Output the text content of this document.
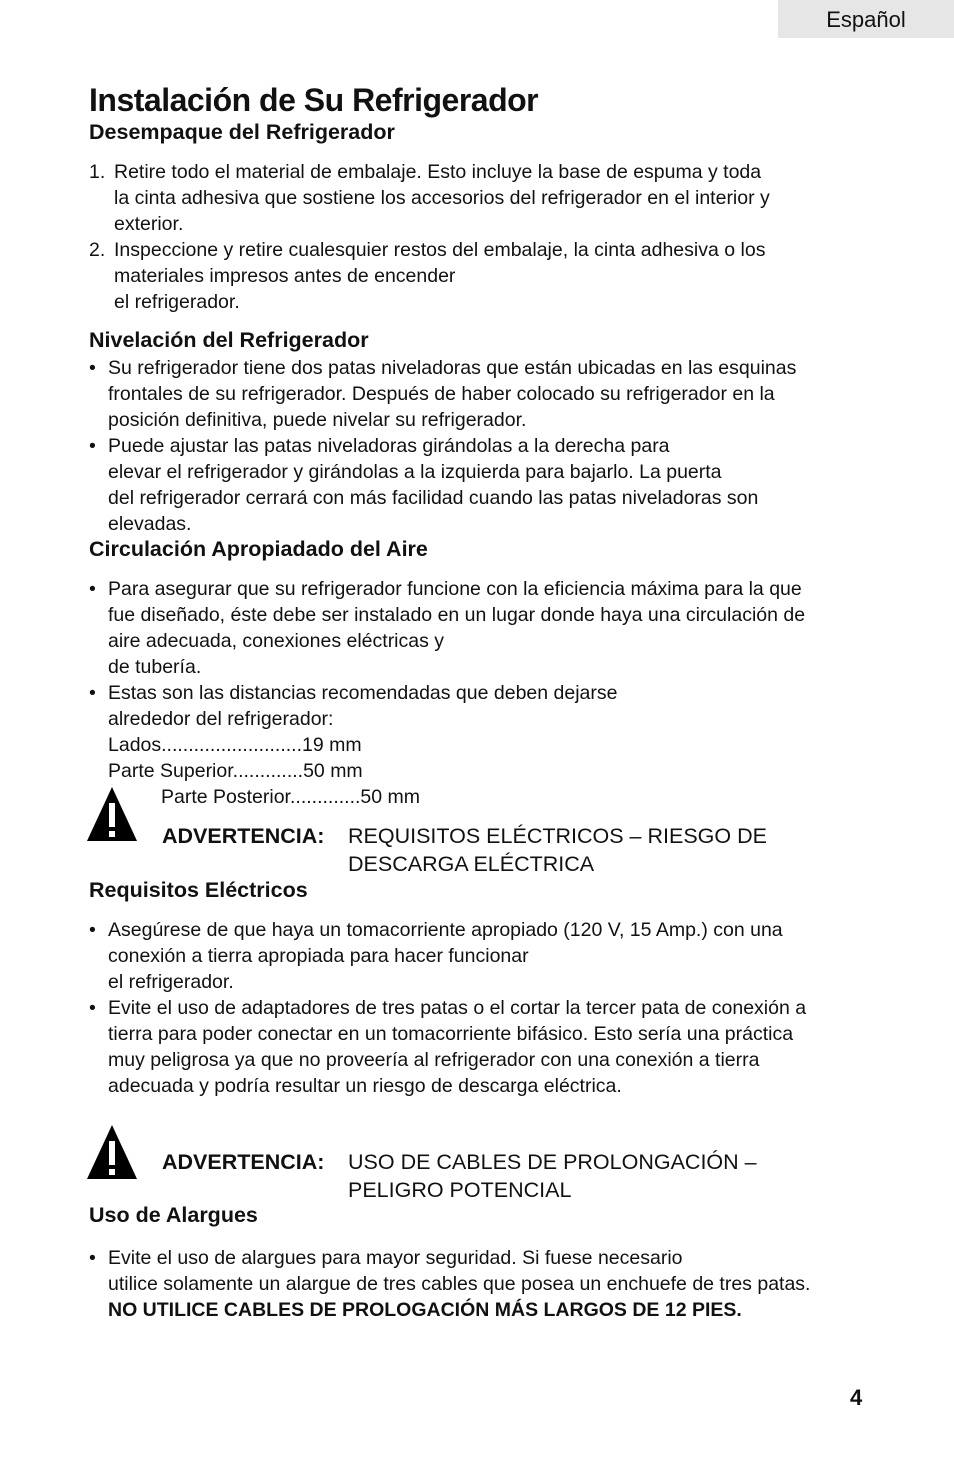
Español
Instalación de Su Refrigerador
Desempaque del Refrigerador
1. Retire todo el material de embalaje. Esto incluye la base de espuma y toda
la cinta adhesiva que sostiene los accesorios del refrigerador en el interior y
exterior.
2. Inspeccione y retire cualesquier restos del embalaje, la cinta adhesiva o los
materiales impresos antes de encender
el refrigerador.
Nivelación del Refrigerador
• Su refrigerador tiene dos patas niveladoras que están ubicadas en las esquinas
frontales de su refrigerador. Después de haber colocado su refrigerador en la
posición definitiva, puede nivelar su refrigerador.
• Puede ajustar las patas niveladoras girándolas a la derecha para
elevar el refrigerador y girándolas a la izquierda para bajarlo. La puerta
del refrigerador cerrará con más facilidad cuando las patas niveladoras son
elevadas.
Circulación Apropiadado del Aire
• Para asegurar que su refrigerador funcione con la eficiencia máxima para la que
fue diseñado, éste debe ser instalado en un lugar donde haya una circulación de
aire adecuada, conexiones eléctricas y
de tubería.
• Estas son las distancias recomendadas que deben dejarse
alrededor del refrigerador:
Lados..........................19 mm
Parte Superior.............50 mm
Parte Posterior.............50 mm
ADVERTENCIA: REQUISITOS ELÉCTRICOS – RIESGO DE
DESCARGA ELÉCTRICA
Requisitos Eléctricos
• Asegúrese de que haya un tomacorriente apropiado (120 V, 15 Amp.) con una
conexión a tierra apropiada para hacer funcionar
el refrigerador.
• Evite el uso de adaptadores de tres patas o el cortar la tercer pata de conexión a
tierra para poder conectar en un tomacorriente bifásico. Esto sería una práctica
muy peligrosa ya que no proveería al refrigerador con una conexión a tierra
adecuada y podría resultar un riesgo de descarga eléctrica.
ADVERTENCIA: USO DE CABLES DE PROLONGACIÓN –
PELIGRO POTENCIAL
Uso de Alargues
• Evite el uso de alargues para mayor seguridad. Si fuese necesario
utilice solamente un alargue de tres cables que posea un enchuefe de tres patas.
NO UTILICE CABLES DE PROLOGACIÓN MÁS LARGOS DE 12 PIES.
4
